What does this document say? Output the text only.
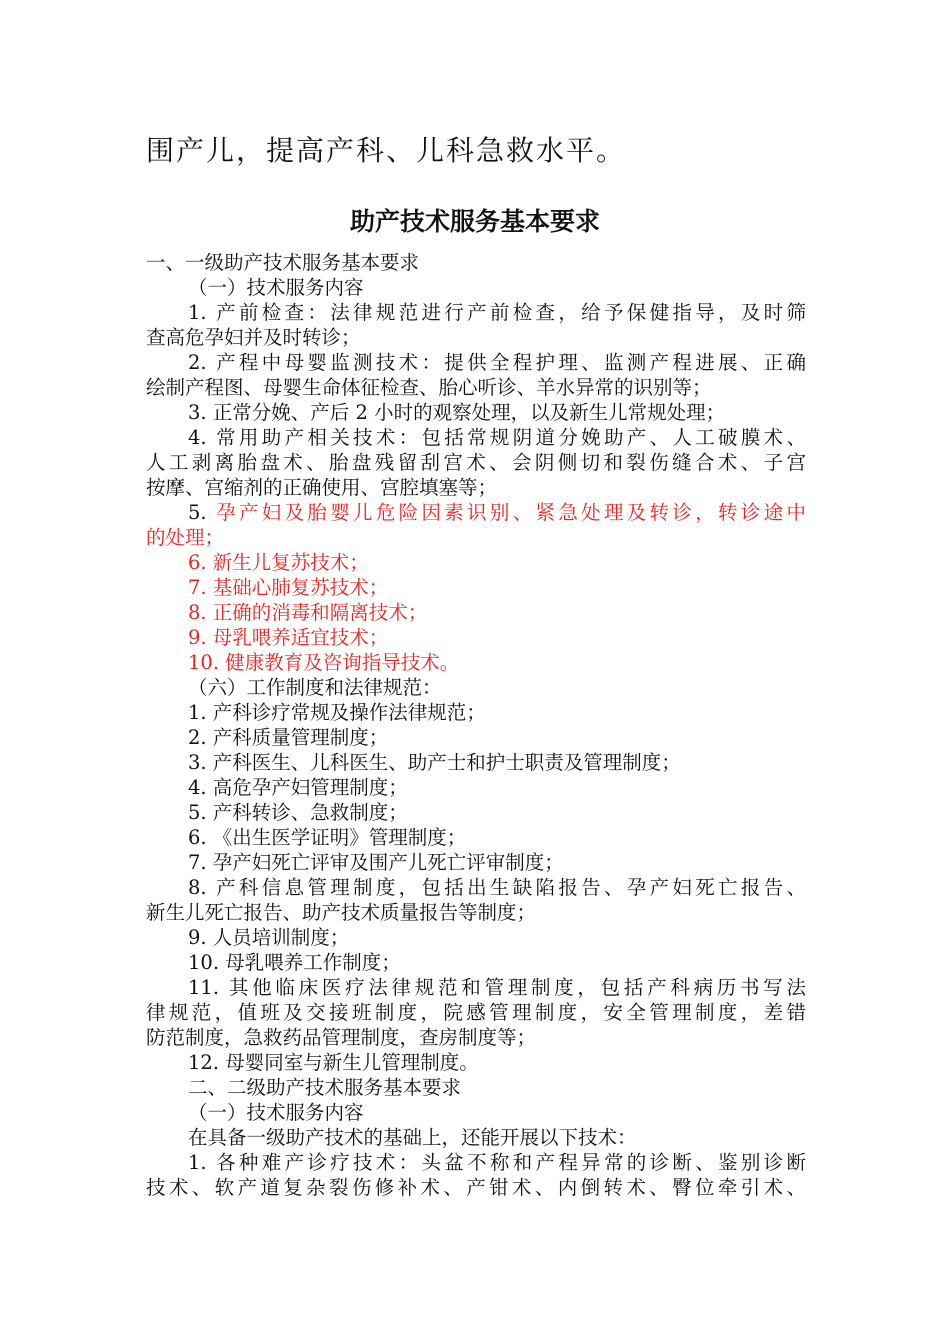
围产儿，提高产科、儿科急救水平。
助产技术服务基本要求
一、一级助产技术服务基本要求
（一）技术服务内容
1. 产前检查：法律规范进行产前检查，给予保健指导，及时筛
查高危孕妇并及时转诊；
2. 产程中母婴监测技术：提供全程护理、监测产程进展、正确
绘制产程图、母婴生命体征检查、胎心听诊、羊水异常的识别等；
3. 正常分娩、产后 2 小时的观察处理，以及新生儿常规处理；
4. 常用助产相关技术：包括常规阴道分娩助产、人工破膜术、
人工剥离胎盘术、胎盘残留刮宫术、会阴侧切和裂伤缝合术、子宫
按摩、宫缩剂的正确使用、宫腔填塞等；
5. 孕产妇及胎婴儿危险因素识别、紧急处理及转诊，转诊途中
的处理；
6. 新生儿复苏技术；
7. 基础心肺复苏技术；
8. 正确的消毒和隔离技术；
9. 母乳喂养适宜技术；
10. 健康教育及咨询指导技术。
（六）工作制度和法律规范：
1. 产科诊疗常规及操作法律规范；
2. 产科质量管理制度；
3. 产科医生、儿科医生、助产士和护士职责及管理制度；
4. 高危孕产妇管理制度；
5. 产科转诊、急救制度；
6. 《出生医学证明》管理制度；
7. 孕产妇死亡评审及围产儿死亡评审制度；
8. 产科信息管理制度，包括出生缺陷报告、孕产妇死亡报告、
新生儿死亡报告、助产技术质量报告等制度；
9. 人员培训制度；
10. 母乳喂养工作制度；
11. 其他临床医疗法律规范和管理制度，包括产科病历书写法
律规范，值班及交接班制度，院感管理制度，安全管理制度，差错
防范制度，急救药品管理制度，查房制度等；
12. 母婴同室与新生儿管理制度。
二、二级助产技术服务基本要求
（一）技术服务内容
在具备一级助产技术的基础上，还能开展以下技术：
1. 各种难产诊疗技术：头盆不称和产程异常的诊断、鉴别诊断
技术、软产道复杂裂伤修补术、产钳术、内倒转术、臀位牵引术、
